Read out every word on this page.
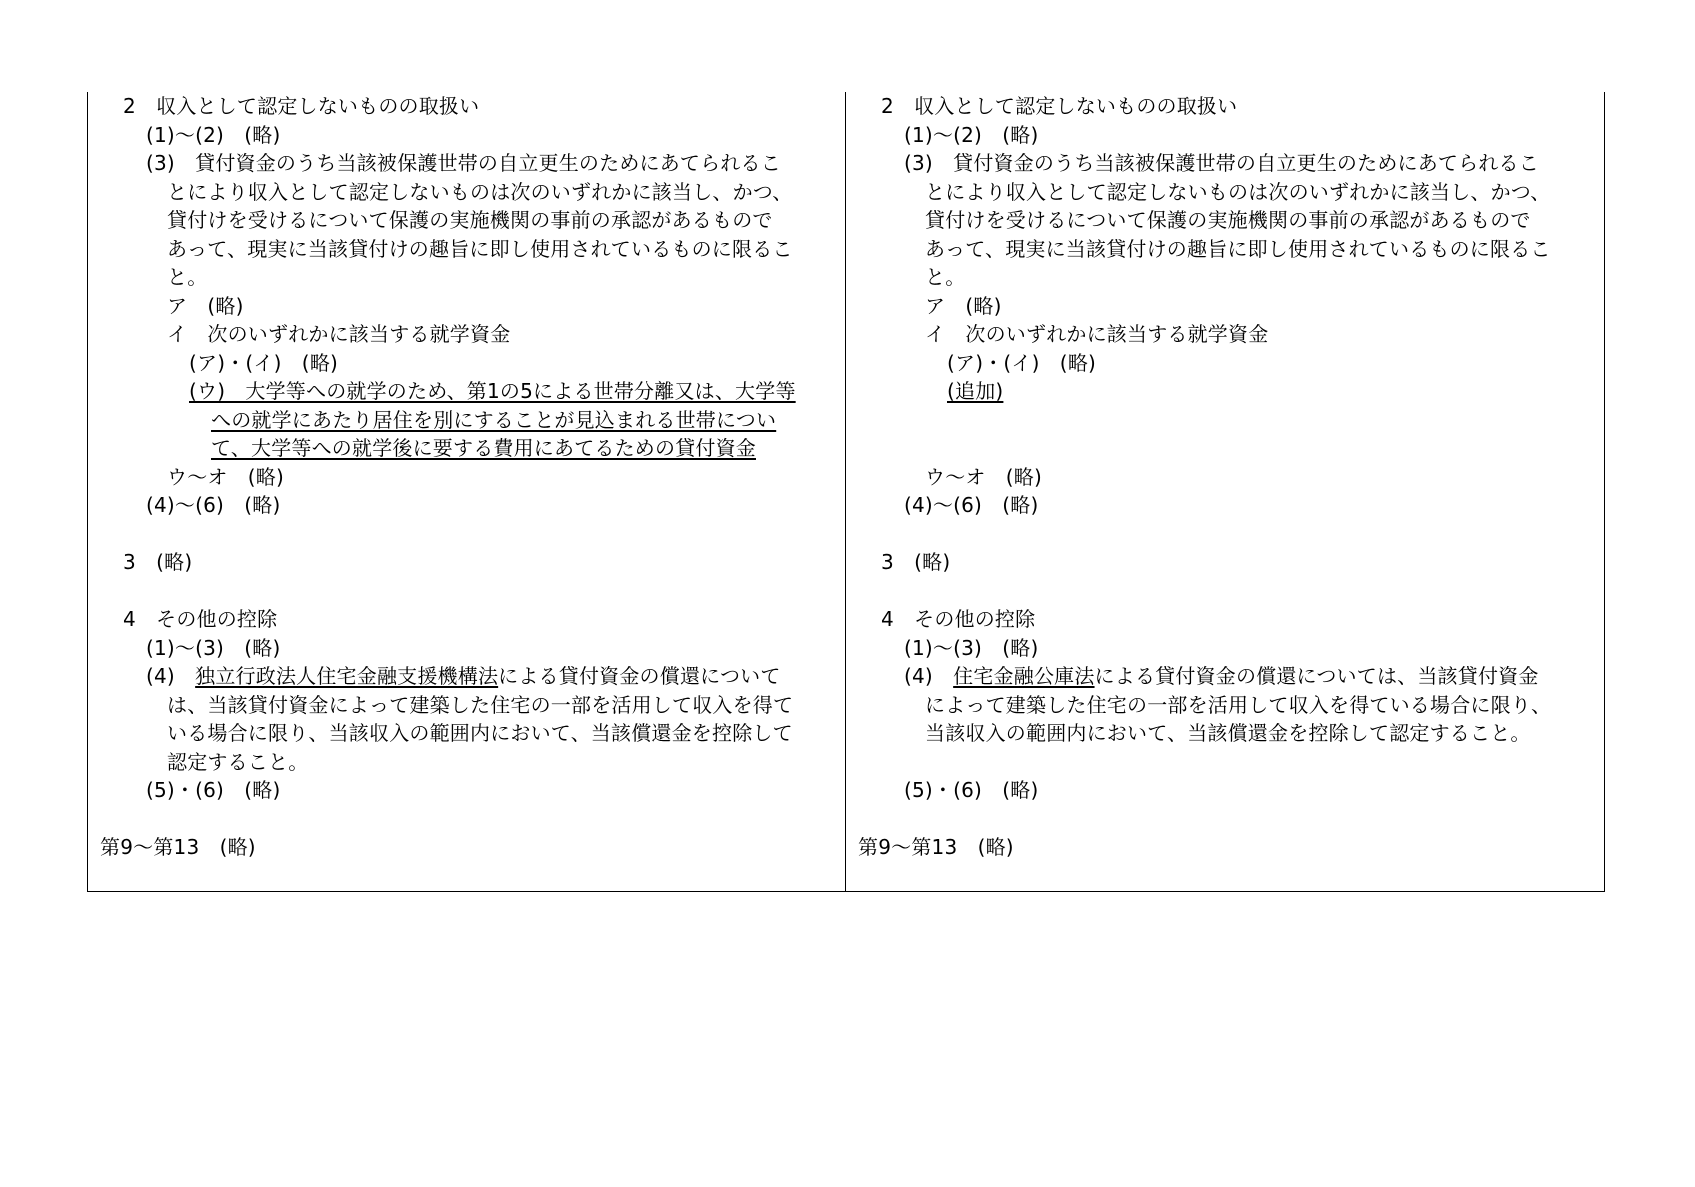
2　収入として認定しないものの取扱い
(1)～(2)　(略)
(3)　貸付資金のうち当該被保護世帯の自立更生のためにあてられるこ
とにより収入として認定しないものは次のいずれかに該当し、かつ、
貸付けを受けるについて保護の実施機関の事前の承認があるもので
あって、現実に当該貸付けの趣旨に即し使用されているものに限るこ
と。
ア　(略)
イ　次のいずれかに該当する就学資金
(ア)・(イ)　(略)
(ウ)　大学等への就学のため、第1の5による世帯分離又は、大学等
への就学にあたり居住を別にすることが見込まれる世帯につい
て、大学等への就学後に要する費用にあてるための貸付資金
ウ～オ　(略)
(4)～(6)　(略)
3　(略)
4　その他の控除
(1)～(3)　(略)
(4)　独立行政法人住宅金融支援機構法による貸付資金の償還について
は、当該貸付資金によって建築した住宅の一部を活用して収入を得て
いる場合に限り、当該収入の範囲内において、当該償還金を控除して
認定すること。
(5)・(6)　(略)
第9～第13　(略)
2　収入として認定しないものの取扱い
(1)～(2)　(略)
(3)　貸付資金のうち当該被保護世帯の自立更生のためにあてられるこ
とにより収入として認定しないものは次のいずれかに該当し、かつ、
貸付けを受けるについて保護の実施機関の事前の承認があるもので
あって、現実に当該貸付けの趣旨に即し使用されているものに限るこ
と。
ア　(略)
イ　次のいずれかに該当する就学資金
(ア)・(イ)　(略)
(追加)
ウ～オ　(略)
(4)～(6)　(略)
3　(略)
4　その他の控除
(1)～(3)　(略)
(4)　住宅金融公庫法による貸付資金の償還については、当該貸付資金
によって建築した住宅の一部を活用して収入を得ている場合に限り、
当該収入の範囲内において、当該償還金を控除して認定すること。
(5)・(6)　(略)
第9～第13　(略)
